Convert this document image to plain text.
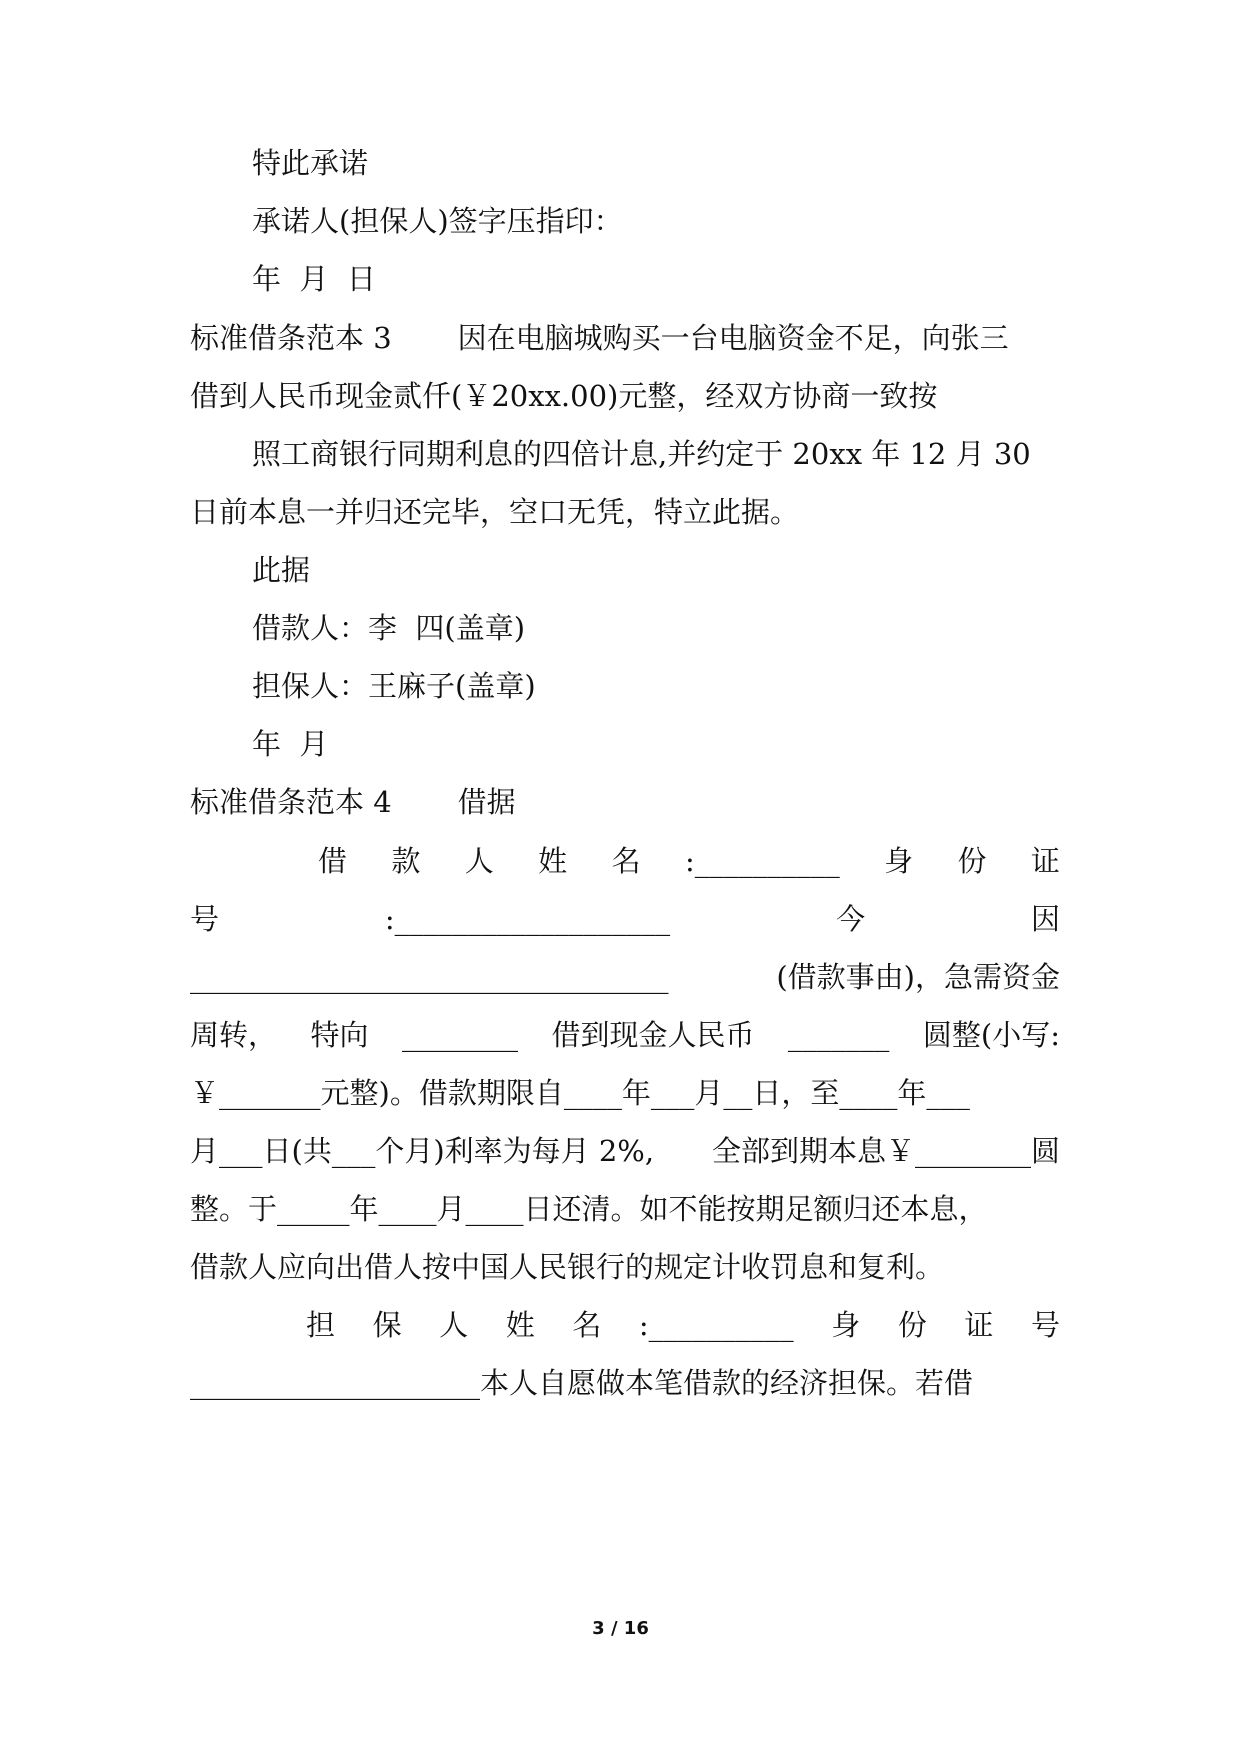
特此承诺
承诺人(担保人)签字压指印：
年  月  日
标准借条范本 3 因在电脑城购买一台电脑资金不足，向张三
借到人民币现金贰仟(￥20xx.00)元整，经双方协商一致按
照工商银行同期利息的四倍计息,并约定于 20xx 年 12 月 30
日前本息一并归还完毕，空口无凭，特立此据。
此据
借款人：李  四(盖章)
担保人：王麻子(盖章)
年  月
标准借条范本 4 借据
借 款 人 姓 名 :__________ 身 份 证
号	:___________________	今	因
_________________________________	(借款事由)，急需资金
周转， 特向 ________ 借到现金人民币 _______ 圆整(小写:
￥_______元整)。借款期限自____年___月__日，至____年___
月___日(共___个月)利率为每月 2%, 全部到期本息￥________圆
整。于_____年____月____日还清。如不能按期足额归还本息，
借款人应向出借人按中国人民银行的规定计收罚息和复利。
担 保 人 姓 名 :__________ 身 份 证 号
____________________本人自愿做本笔借款的经济担保。若借
3 / 16
